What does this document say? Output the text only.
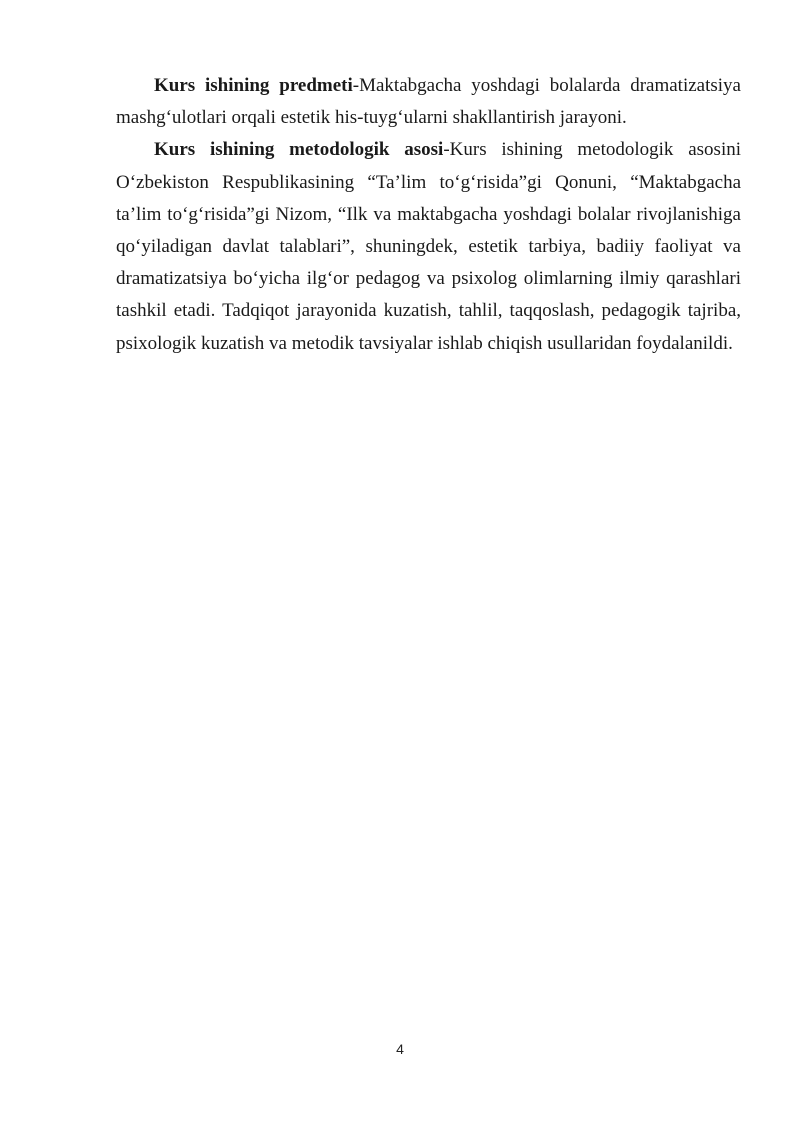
Kurs ishining predmeti-Maktabgacha yoshdagi bolalarda dramatizatsiya mashg‘ulotlari orqali estetik his-tuyg‘ularni shakllantirish jarayoni.

Kurs ishining metodologik asosi-Kurs ishining metodologik asosini O‘zbekiston Respublikasining “Ta’lim to‘g‘risida”gi Qonuni, “Maktabgacha ta’lim to‘g‘risida”gi Nizom, “Ilk va maktabgacha yoshdagi bolalar rivojlanishiga qo‘yiladigan davlat talablari”, shuningdek, estetik tarbiya, badiiy faoliyat va dramatizatsiya bo‘yicha ilg‘or pedagog va psixolog olimlarning ilmiy qarashlari tashkil etadi. Tadqiqot jarayonida kuzatish, tahlil, taqqoslash, pedagogik tajriba, psixologik kuzatish va metodik tavsiyalar ishlab chiqish usullaridan foydalanildi.

4
